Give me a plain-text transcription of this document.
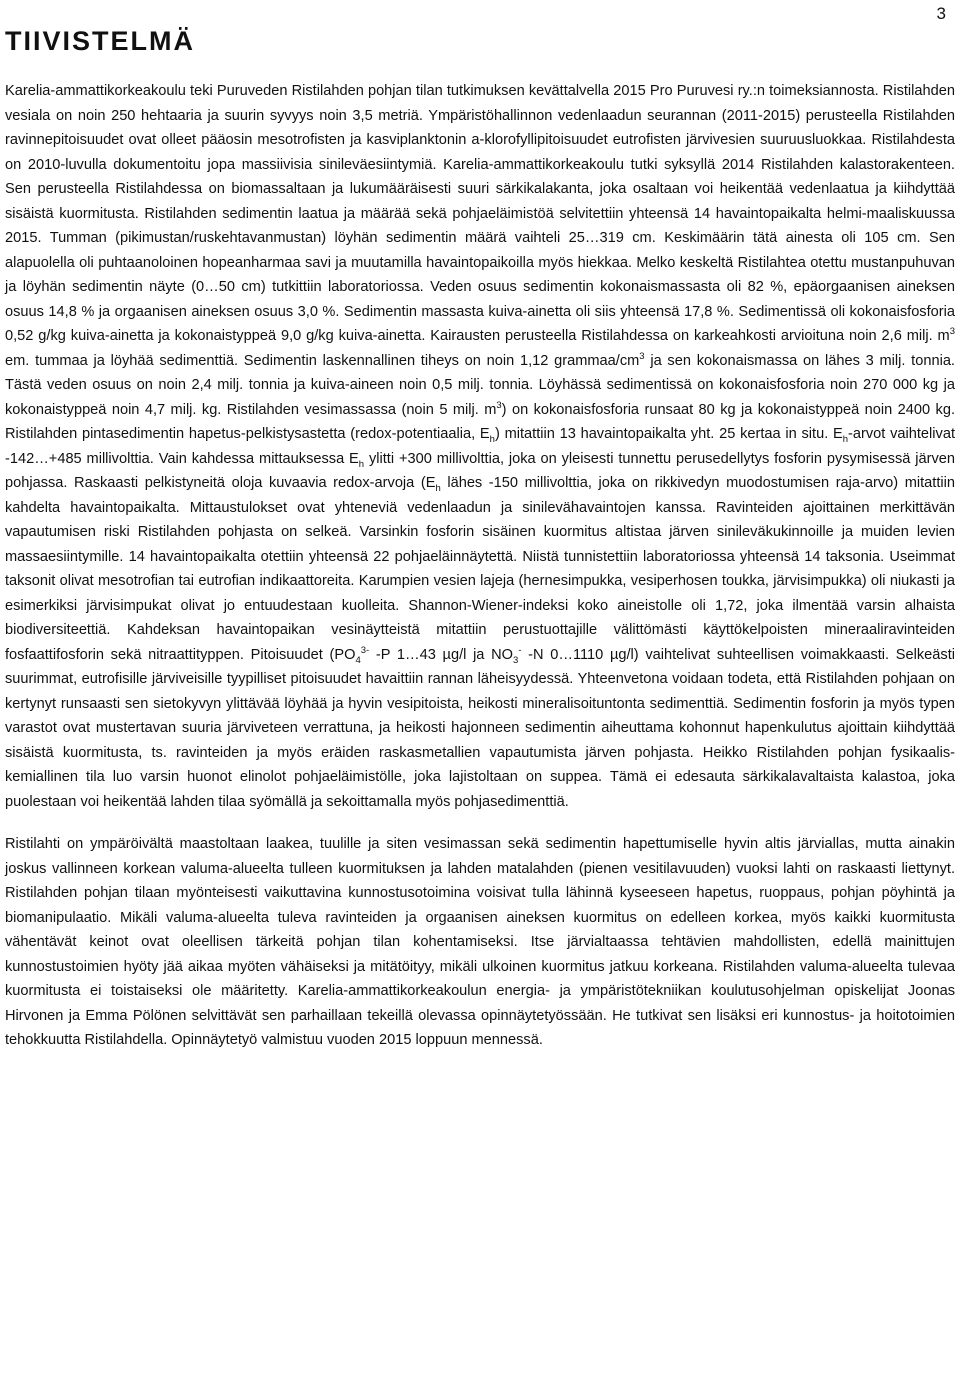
3
TIIVISTELMÄ

Karelia-ammattikorkeakoulu teki Puruveden Ristilahden pohjan tilan tutkimuksen kevättalvella 2015 Pro Puruvesi ry.:n toimeksiannosta. Ristilahden vesiala on noin 250 hehtaaria ja suurin syvyys noin 3,5 metriä. Ympäristöhallinnon vedenlaadun seurannan (2011-2015) perusteella Ristilahden ravinnepitoisuudet ovat olleet pääosin mesotrofisten ja kasviplanktonin a-klorofyllipitoisuudet eutrofisten järvivesien suuruusluokkaa. Ristilahdesta on 2010-luvulla dokumentoitu jopa massiivisia sinileväesiintymiä. Karelia-ammattikorkeakoulu tutki syksyllä 2014 Ristilahden kalastorakenteen. Sen perusteella Ristilahdessa on biomassaltaan ja lukumääräisesti suuri särkikalakanta, joka osaltaan voi heikentää vedenlaatua ja kiihdyttää sisäistä kuormitusta. Ristilahden sedimentin laatua ja määrää sekä pohjaeläimistöä selvitettiin yhteensä 14 havaintopaikalta helmi-maaliskuussa 2015. Tumman (pikimustan/ruskehtavanmustan) löyhän sedimentin määrä vaihteli 25…319 cm. Keskimäärin tätä ainesta oli 105 cm. Sen alapuolella oli puhtaanoloinen hopeanharmaa savi ja muutamilla havaintopaikoilla myös hiekkaa. Melko keskeltä Ristilahtea otettu mustanpuhuvan ja löyhän sedimentin näyte (0…50 cm) tutkittiin laboratoriossa. Veden osuus sedimentin kokonaismassasta oli 82 %, epäorgaanisen aineksen osuus 14,8 % ja orgaanisen aineksen osuus 3,0 %. Sedimentin massasta kuiva-ainetta oli siis yhteensä 17,8 %. Sedimentissä oli kokonaisfosforia 0,52 g/kg kuiva-ainetta ja kokonaistyppeä 9,0 g/kg kuiva-ainetta. Kairausten perusteella Ristilahdessa on karkeahkosti arvioituna noin 2,6 milj. $m^3$ em. tummaa ja löyhää sedimenttiä. Sedimentin laskennallinen tiheys on noin 1,12 grammaa/$cm^3$ ja sen kokonaismassa on lähes 3 milj. tonnia. Tästä veden osuus on noin 2,4 milj. tonnia ja kuiva-aineen noin 0,5 milj. tonnia. Löyhässä sedimentissä on kokonaisfosforia noin 270 000 kg ja kokonaistyppeä noin 4,7 milj. kg. Ristilahden vesimassassa (noin 5 milj. $m^3$) on kokonaisfosforia runsaat 80 kg ja kokonaistyppeä noin 2400 kg. Ristilahden pintasedimentin hapetus-pelkistysastetta (redox-potentiaalia, $E_h$) mitattiin 13 havaintopaikalta yht. 25 kertaa in situ. $E_h$-arvot vaihtelivat -142…+485 millivolttia. Vain kahdessa mittauksessa $E_h$ ylitti +300 millivolttia, joka on yleisesti tunnettu perusedellytys fosforin pysymisessä järven pohjassa. Raskaasti pelkistyneitä oloja kuvaavia redox-arvoja ($E_h$ lähes -150 millivolttia, joka on rikkivedyn muodostumisen raja-arvo) mitattiin kahdelta havaintopaikalta. Mittaustulokset ovat yhteneviä vedenlaadun ja sinilevähavaintojen kanssa. Ravinteiden ajoittainen merkittävän vapautumisen riski Ristilahden pohjasta on selkeä. Varsinkin fosforin sisäinen kuormitus altistaa järven sinileväkukinnoille ja muiden levien massaesiintymille. 14 havaintopaikalta otettiin yhteensä 22 pohjaeläinnäytettä. Niistä tunnistettiin laboratoriossa yhteensä 14 taksonia. Useimmat taksonit olivat mesotrofian tai eutrofian indikaattoreita. Karumpien vesien lajeja (hernesimpukka, vesiperhosen toukka, järvisimpukka) oli niukasti ja esimerkiksi järvisimpukat olivat jo entuudestaan kuolleita. Shannon-Wiener-indeksi koko aineistolle oli 1,72, joka ilmentää varsin alhaista biodiversiteettiä. Kahdeksan havaintopaikan vesinäytteistä mitattiin perustuottajille välittömästi käyttökelpoisten mineraaliravinteiden fosfaattifosforin sekä nitraattityppen. Pitoisuudet ($PO_4^{3-}$ -P 1…43 µg/l ja $NO_3^-$ -N 0…1110 µg/l) vaihtelivat suhteellisen voimakkaasti. Selkeästi suurimmat, eutrofisille järviveisille tyypilliset pitoisuudet havaittiin rannan läheisyydessä. Yhteenvetona voidaan todeta, että Ristilahden pohjaan on kertynyt runsaasti sen sietokyvyn ylittävää löyhää ja hyvin vesipitoista, heikosti mineralisoituntonta sedimenttiä. Sedimentin fosforin ja myös typen varastot ovat mustertavan suuria järviveteen verrattuna, ja heikosti hajonneen sedimentin aiheuttama kohonnut hapenkulutus ajoittain kiihdyttää sisäistä kuormitusta, ts. ravinteiden ja myös eräiden raskasmetallien vapautumista järven pohjasta. Heikko Ristilahden pohjan fysikaalis-kemiallinen tila luo varsin huonot elinolot pohjaeläimistölle, joka lajistoltaan on suppea. Tämä ei edesauta särkikalavaltaista kalastoa, joka puolestaan voi heikentää lahden tilaa syömällä ja sekoittamalla myös pohjasedimenttiä.

Ristilahti on ympäröivältä maastoltaan laakea, tuulille ja siten vesimassan sekä sedimentin hapettumiselle hyvin altis järviallas, mutta ainakin joskus vallinneen korkean valuma-alueelta tulleen kuormituksen ja lahden matalahden (pienen vesitilavuuden) vuoksi lahti on raskaasti liettynyt. Ristilahden pohjan tilaan myönteisesti vaikuttavina kunnostusotoimina voisivat tulla lähinnä kyseeseen hapetus, ruoppaus, pohjan pöyhintä ja biomanipulaatio. Mikäli valuma-alueelta tuleva ravinteiden ja orgaanisen aineksen kuormitus on edelleen korkea, myös kaikki kuormitusta vähentävät keinot ovat oleellisen tärkeitä pohjan tilan kohentamiseksi. Itse järvialtaassa tehtävien mahdollisten, edellä mainittujen kunnostustoimien hyöty jää aikaa myöten vähäiseksi ja mitätöityy, mikäli ulkoinen kuormitus jatkuu korkeana. Ristilahden valuma-alueelta tulevaa kuormitusta ei toistaiseksi ole määritetty. Karelia-ammattikorkeakoulun energia- ja ympäristötekniikan koulutusohjelman opiskelijat Joonas Hirvonen ja Emma Pölönen selvittävät sen parhaillaan tekeillä olevassa opinnäytetyössään. He tutkivat sen lisäksi eri kunnostus- ja hoitotoimien tehokkuutta Ristilahdella. Opinnäytetyö valmistuu vuoden 2015 loppuun mennessä.
